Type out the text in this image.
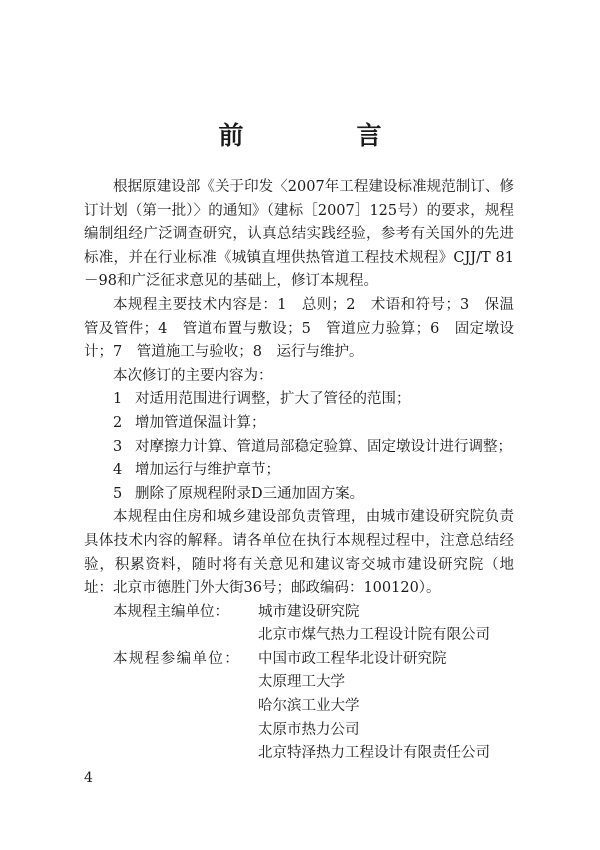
前　言

根据原建设部《关于印发〈2007年工程建设标准规范制订、修订计划（第一批）〉的通知》（建标［2007］125号）的要求，规程编制组经广泛调查研究，认真总结实践经验，参考有关国外的先进标准，并在行业标准《城镇直埋供热管道工程技术规程》CJJ/T 81－98和广泛征求意见的基础上，修订本规程。

本规程主要技术内容是：1　总则；2　术语和符号；3　保温管及管件；4　管道布置与敷设；5　管道应力验算；6　固定墩设计；7　管道施工与验收；8　运行与维护。

本次修订的主要内容为：

1 对适用范围进行调整，扩大了管径的范围；

2 增加管道保温计算；

3 对摩擦力计算、管道局部稳定验算、固定墩设计进行调整；

4 增加运行与维护章节；

5 删除了原规程附录D三通加固方案。

本规程由住房和城乡建设部负责管理，由城市建设研究院负责具体技术内容的解释。请各单位在执行本规程过程中，注意总结经验，积累资料，随时将有关意见和建议寄交城市建设研究院（地址：北京市德胜门外大街36号；邮政编码：100120）。

本规程主编单位：	城市建设研究院
北京市煤气热力工程设计院有限公司
本规程参编单位：	中国市政工程华北设计研究院
太原理工大学
哈尔滨工业大学
太原市热力公司
北京特泽热力工程设计有限责任公司
4
